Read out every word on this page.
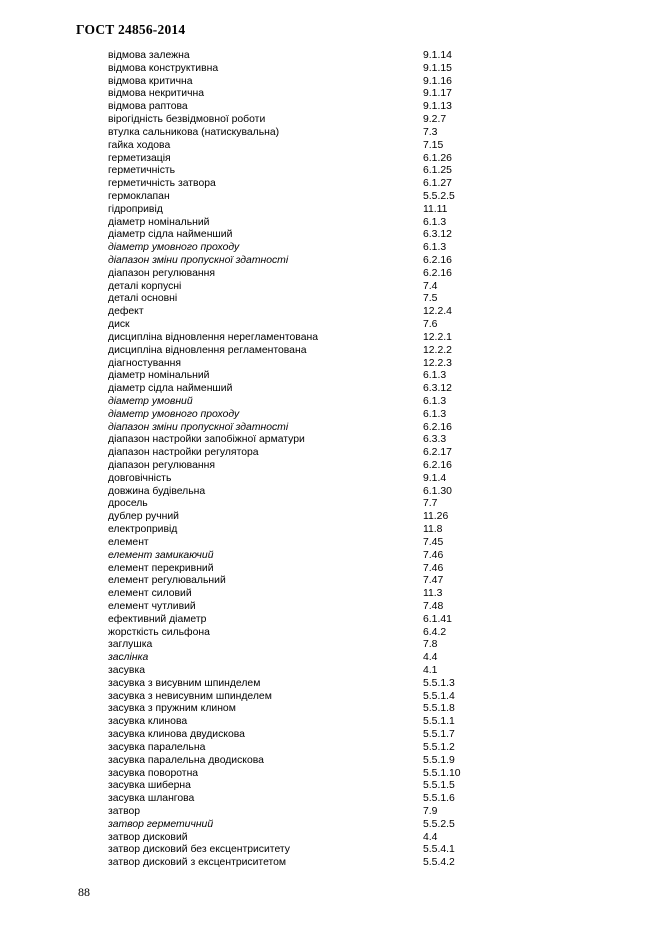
ГОСТ 24856-2014
відмова залежна	9.1.14
відмова конструктивна	9.1.15
відмова критична	9.1.16
відмова некритична	9.1.17
відмова раптова	9.1.13
вірогідність безвідмовної роботи	9.2.7
втулка сальникова (натискувальна)	7.3
гайка ходова	7.15
герметизація	6.1.26
герметичність	6.1.25
герметичність затвора	6.1.27
гермоклапан	5.5.2.5
гідропривід	11.11
діаметр номінальний	6.1.3
діаметр сідла найменший	6.3.12
діаметр умовного проходу	6.1.3
діапазон зміни пропускної здатності	6.2.16
діапазон регулювання	6.2.16
деталі корпусні	7.4
деталі основні	7.5
дефект	12.2.4
диск	7.6
дисципліна відновлення нерегламентована	12.2.1
дисципліна відновлення регламентована	12.2.2
діагностування	12.2.3
діаметр номінальний	6.1.3
діаметр сідла найменший	6.3.12
діаметр умовний	6.1.3
діаметр умовного проходу	6.1.3
діапазон зміни пропускної здатності	6.2.16
діапазон настройки запобіжної арматури	6.3.3
діапазон настройки регулятора	6.2.17
діапазон регулювання	6.2.16
довговічність	9.1.4
довжина будівельна	6.1.30
дросель	7.7
дублер ручний	11.26
електропривід	11.8
елемент	7.45
елемент замикаючий	7.46
елемент перекривний	7.46
елемент регулювальний	7.47
елемент силовий	11.3
елемент чутливий	7.48
ефективний діаметр	6.1.41
жорсткість сильфона	6.4.2
заглушка	7.8
заслінка	4.4
засувка	4.1
засувка з висувним шпинделем	5.5.1.3
засувка з невисувним шпинделем	5.5.1.4
засувка з пружним клином	5.5.1.8
засувка клинова	5.5.1.1
засувка клинова двудискова	5.5.1.7
засувка паралельна	5.5.1.2
засувка паралельна дводискова	5.5.1.9
засувка поворотна	5.5.1.10
засувка шиберна	5.5.1.5
засувка шлангова	5.5.1.6
затвор	7.9
затвор герметичний	5.5.2.5
затвор дисковий	4.4
затвор дисковий без ексцентриситету	5.5.4.1
затвор дисковий з ексцентриситетом	5.5.4.2
88
